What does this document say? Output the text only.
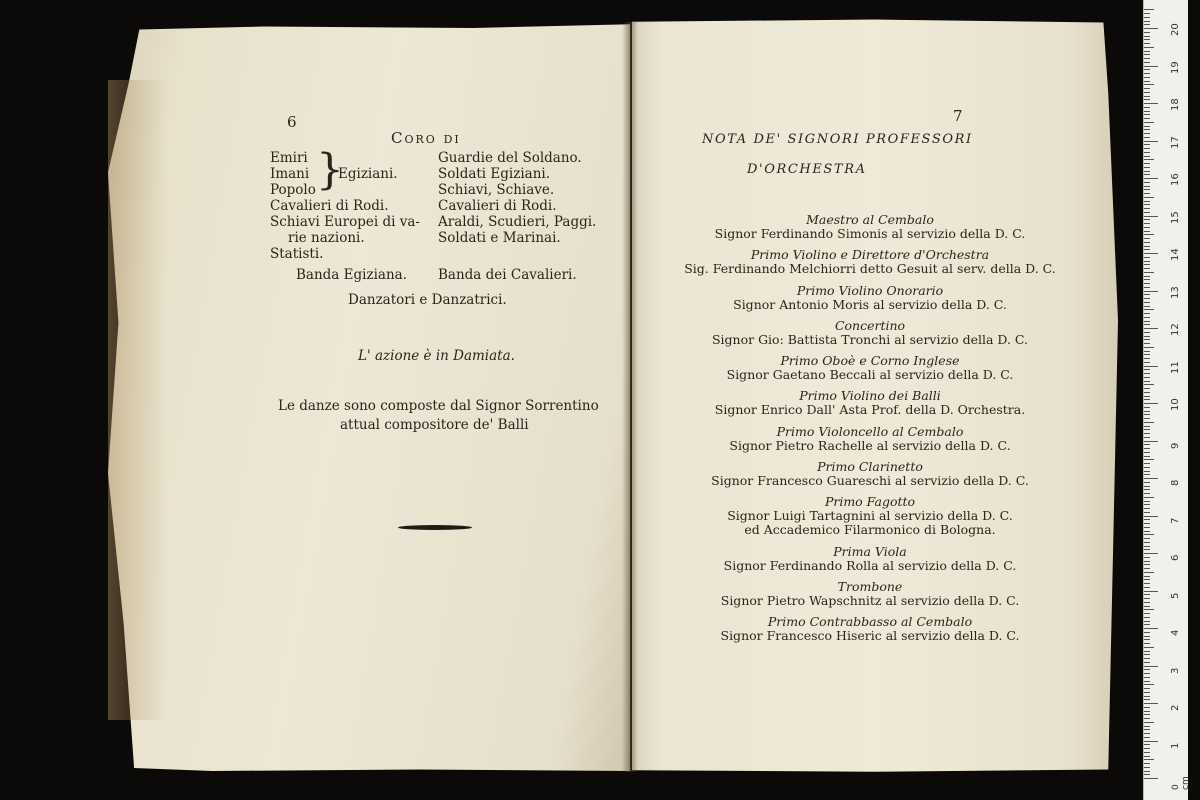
6
Coro di
Emiri
Imani
Popolo
Cavalieri di Rodi.
Schiavi Europei di va-
rie nazioni.
Statisti.
}
Egiziani.
Guardie del Soldano.
Soldati Egiziani.
Schiavi, Schiave.
Cavalieri di Rodi.
Araldi, Scudieri, Paggi.
Soldati e Marinai.
Banda Egiziana. Banda dei Cavalieri.
Danzatori e Danzatrici.
L' azione è in Damiata.
Le danze sono composte dal Signor Sorrentino
attual compositore de' Balli
7
NOTA DE' SIGNORI PROFESSORI
D'ORCHESTRA
Maestro al Cembalo
Signor Ferdinando Simonis al servizio della D. C.
Primo Violino e Direttore d'Orchestra
Sig. Ferdinando Melchiorri detto Gesuit al serv. della D. C.
Primo Violino Onorario
Signor Antonio Moris al servizio della D. C.
Concertino
Signor Gio: Battista Tronchi al servizio della D. C.
Primo Oboè e Corno Inglese
Signor Gaetano Beccali al servizio della D. C.
Primo Violino dei Balli
Signor Enrico Dall' Asta Prof. della D. Orchestra.
Primo Violoncello al Cembalo
Signor Pietro Rachelle al servizio della D. C.
Primo Clarinetto
Signor Francesco Guareschi al servizio della D. C.
Primo Fagotto
Signor Luigi Tartagnini al servizio della D. C.
ed Accademico Filarmonico di Bologna.
Prima Viola
Signor Ferdinando Rolla al servizio della D. C.
Trombone
Signor Pietro Wapschnitz al servizio della D. C.
Primo Contrabbasso al Cembalo
Signor Francesco Hiseric al servizio della D. C.
0 cm
1
2
3
4
5
6
7
8
9
10
11
12
13
14
15
16
17
18
19
20
